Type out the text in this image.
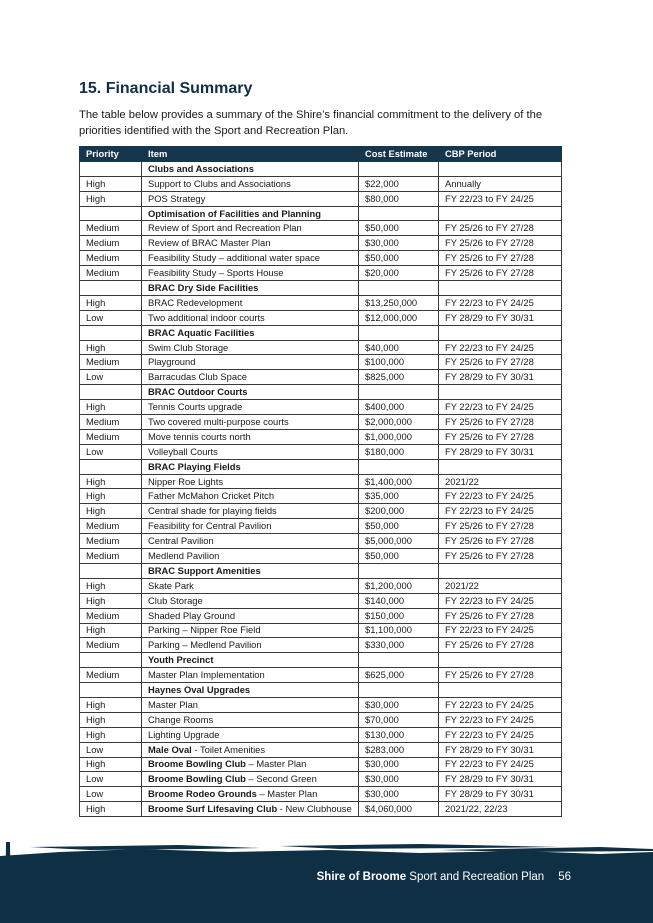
15. Financial Summary

The table below provides a summary of the Shire’s financial commitment to the delivery of the priorities identified with the Sport and Recreation Plan.

Priority	Item	Cost Estimate	CBP Period
	Clubs and Associations		
High	Support to Clubs and Associations	$22,000	Annually
High	POS Strategy	$80,000	FY 22/23 to FY 24/25
	Optimisation of Facilities and Planning		
Medium	Review of Sport and Recreation Plan	$50,000	FY 25/26 to FY 27/28
Medium	Review of BRAC Master Plan	$30,000	FY 25/26 to FY 27/28
Medium	Feasibility Study – additional water space	$50,000	FY 25/26 to FY 27/28
Medium	Feasibility Study – Sports House	$20,000	FY 25/26 to FY 27/28
	BRAC Dry Side Facilities		
High	BRAC Redevelopment	$13,250,000	FY 22/23 to FY 24/25
Low	Two additional indoor courts	$12,000,000	FY 28/29 to FY 30/31
	BRAC Aquatic Facilities		
High	Swim Club Storage	$40,000	FY 22/23 to FY 24/25
Medium	Playground	$100,000	FY 25/26 to FY 27/28
Low	Barracudas Club Space	$825,000	FY 28/29 to FY 30/31
	BRAC Outdoor Courts		
High	Tennis Courts upgrade	$400,000	FY 22/23 to FY 24/25
Medium	Two covered multi-purpose courts	$2,000,000	FY 25/26 to FY 27/28
Medium	Move tennis courts north	$1,000,000	FY 25/26 to FY 27/28
Low	Volleyball Courts	$180,000	FY 28/29 to FY 30/31
	BRAC Playing Fields		
High	Nipper Roe Lights	$1,400,000	2021/22
High	Father McMahon Cricket Pitch	$35,000	FY 22/23 to FY 24/25
High	Central shade for playing fields	$200,000	FY 22/23 to FY 24/25
Medium	Feasibility for Central Pavilion	$50,000	FY 25/26 to FY 27/28
Medium	Central Pavilion	$5,000,000	FY 25/26 to FY 27/28
Medium	Medlend Pavilion	$50,000	FY 25/26 to FY 27/28
	BRAC Support Amenities		
High	Skate Park	$1,200,000	2021/22
High	Club Storage	$140,000	FY 22/23 to FY 24/25
Medium	Shaded Play Ground	$150,000	FY 25/26 to FY 27/28
High	Parking – Nipper Roe Field	$1,100,000	FY 22/23 to FY 24/25
Medium	Parking – Medlend Pavilion	$330,000	FY 25/26 to FY 27/28
	Youth Precinct		
Medium	Master Plan Implementation	$625,000	FY 25/26 to FY 27/28
	Haynes Oval Upgrades		
High	Master Plan	$30,000	FY 22/23 to FY 24/25
High	Change Rooms	$70,000	FY 22/23 to FY 24/25
High	Lighting Upgrade	$130,000	FY 22/23 to FY 24/25
Low	Male Oval - Toilet Amenities	$283,000	FY 28/29 to FY 30/31
High	Broome Bowling Club – Master Plan	$30,000	FY 22/23 to FY 24/25
Low	Broome Bowling Club – Second Green	$30,000	FY 28/29 to FY 30/31
Low	Broome Rodeo Grounds – Master Plan	$30,000	FY 28/29 to FY 30/31
High	Broome Surf Lifesaving Club - New Clubhouse	$4,060,000	2021/22, 22/23
Shire of Broome Sport and Recreation Plan 56
